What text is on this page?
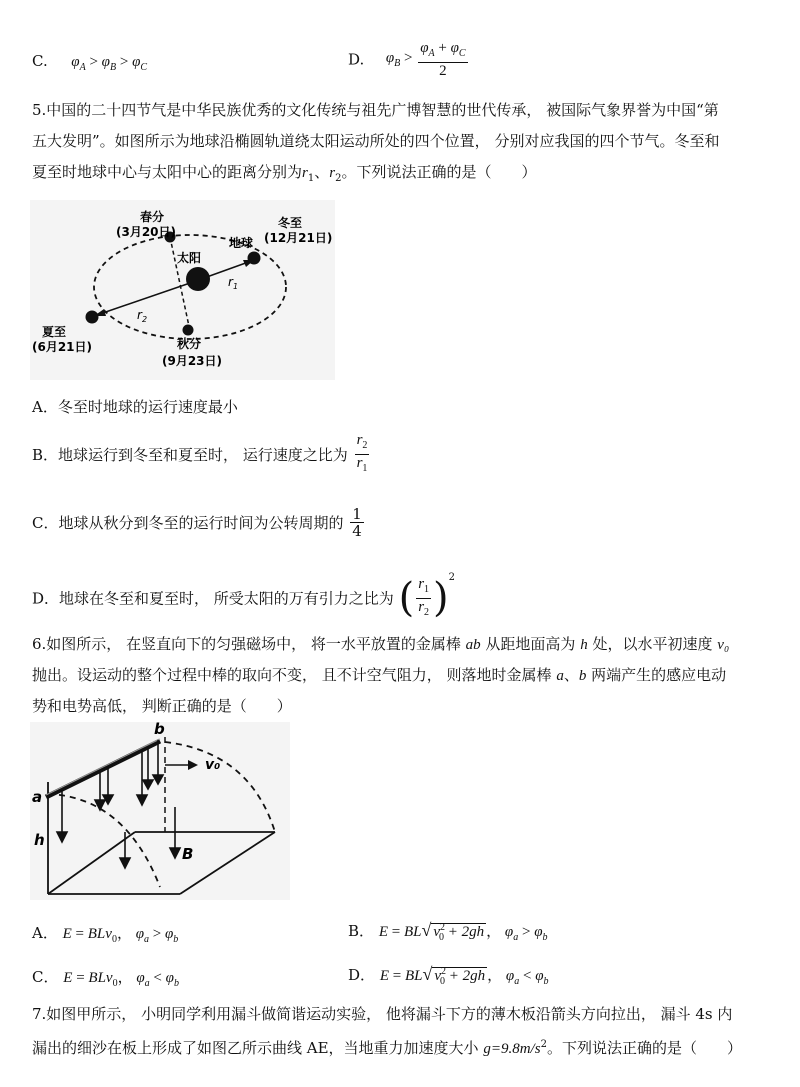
C. $\varphi_A > \varphi_B > \varphi_C$	D. $\varphi_B > \frac{\varphi_A + \varphi_C}{2}$
5.中国的二十四节气是中华民族优秀的文化传统与祖先广博智慧的世代传承， 被国际气象界誉为中国“第
五大发明”。如图所示为地球沿椭圆轨道绕太阳运动所处的四个位置， 分别对应我国的四个节气。冬至和
夏至时地球中心与太阳中心的距离分别为$r_1$、$r_2$。下列说法正确的是（　　）
春分
(3月20日)
太阳
地球
冬至
(12月21日)
夏至
(6月21日)	秋分
(9月23日)
$r_2$
$r_1$
A．冬至时地球的运行速度最小
B．地球运行到冬至和夏至时， 运行速度之比为 $\frac{r_2}{r_1}$
C．地球从秋分到冬至的运行时间为公转周期的 $\frac{1}{4}$
D．地球在冬至和夏至时， 所受太阳的万有引力之比为 ( $\frac{r_1}{r_2} )^2$
6.如图所示， 在竖直向下的匀强磁场中， 将一水平放置的金属棒 ab 从距地面高为 h 处，以水平初速度 v₀
抛出。设运动的整个过程中棒的取向不变， 且不计空气阻力， 则落地时金属棒 a、b 两端产生的感应电动
势和电势高低， 判断正确的是（　　）
v₀
a
b
h
B
A． E = BLv$_0$， $\varphi_a > \varphi_b$	B． E = BL√ $v^2_0 + 2gh$ ， $\varphi_a > \varphi_b$
C． E = BLv$_0$， $\varphi_a < \varphi_b$	D． E = BL√ $v^2_0 + 2gh$ ， $\varphi_a < \varphi_b$
7.如图甲所示， 小明同学利用漏斗做简谐运动实验， 他将漏斗下方的薄木板沿箭头方向拉出， 漏斗 4s 内
漏出的细沙在板上形成了如图乙所示曲线 AE，当地重力加速度大小 $g=9.8m/s^2$。下列说法正确的是（　　）
